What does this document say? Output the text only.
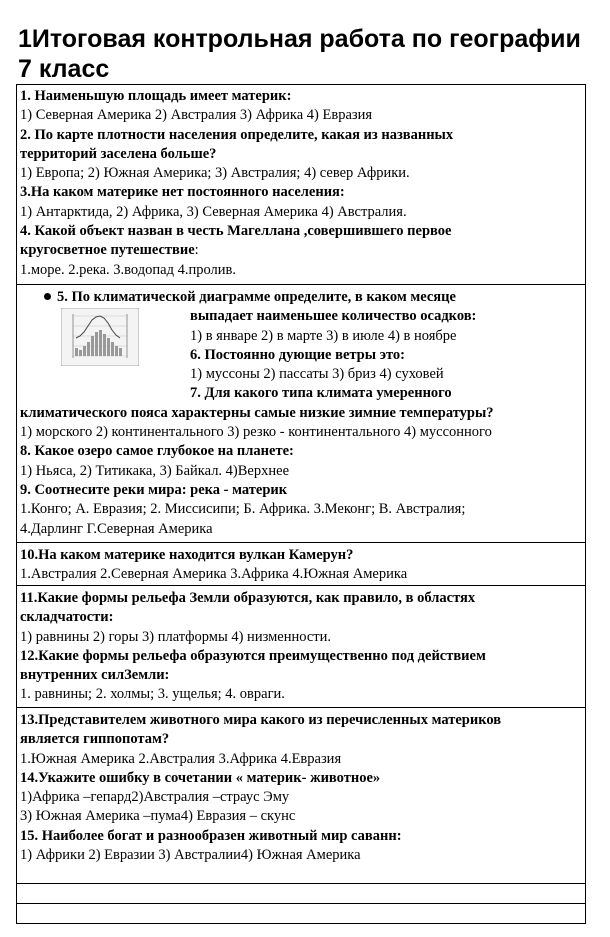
1Итоговая контрольная работа по географии 7 класс

1. Наименьшую площадь имеет материк:

1) Северная Америка 2) Австралия 3) Африка 4) Евразия

2. По карте плотности населения определите, какая из названных

территорий заселена больше?

1) Европа; 2) Южная Америка; 3) Австралия; 4) север Африки.

3.На каком материке нет постоянного населения:

1) Антарктида, 2) Африка, 3) Северная Америка 4) Австралия.

4. Какой объект назван в честь Магеллана ,совершившего первое

кругосветное путешествие:

1.море. 2.река. 3.водопад 4.пролив.

5. По климатической диаграмме определите, в каком месяце

выпадает наименьшее количество осадков:

1) в январе 2) в марте 3) в июле 4) в ноябре

6. Постоянно дующие ветры это:

1) муссоны 2) пассаты 3) бриз 4) суховей

7. Для какого типа климата умеренного

климатического пояса характерны самые низкие зимние температуры?

1) морского 2) континентального 3) резко - континентального 4) муссонного

8. Какое озеро самое глубокое на планете:

1) Ньяса, 2) Титикака, 3) Байкал. 4)Верхнее

9. Соотнесите реки мира: река - материк

1.Конго; А. Евразия; 2. Миссисипи; Б. Африка. 3.Меконг; В. Австралия;

4.Дарлинг Г.Северная Америка

10.На каком материке находится вулкан Камерун?

1.Австралия 2.Северная Америка 3.Африка 4.Южная Америка

11.Какие формы рельефа Земли образуются, как правило, в областях

складчатости:

1) равнины 2) горы 3) платформы 4) низменности.

12.Какие формы рельефа образуются преимущественно под действием

внутренних силЗемли:

1. равнины; 2. холмы; 3. ущелья; 4. овраги.

13.Представителем животного мира какого из перечисленных материков

является гиппопотам?

1.Южная Америка 2.Австралия 3.Африка 4.Евразия

14.Укажите ошибку в сочетании « материк- животное»

1)Африка –гепард2)Австралия –страус Эму

3) Южная Америка –пума4) Евразия – скунс

15. Наиболее богат и разнообразен животный мир саванн:

1) Африки 2) Евразии 3) Австралии4) Южная Америка
